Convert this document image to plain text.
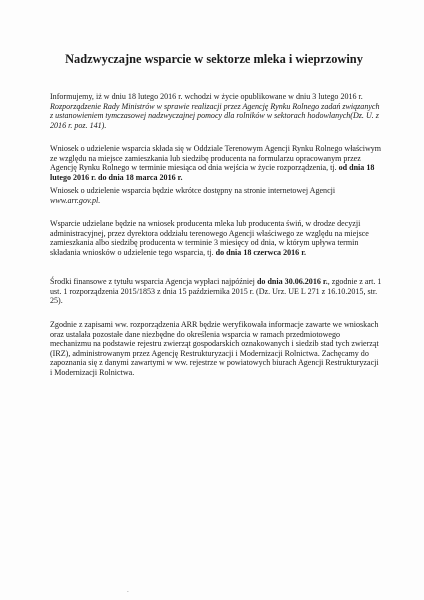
Nadzwyczajne wsparcie w sektorze mleka i wieprzowiny

Informujemy, iż w dniu 18 lutego 2016 r. wchodzi w życie opublikowane w dniu 3 lutego 2016 r. Rozporządzenie Rady Ministrów w sprawie realizacji przez Agencję Rynku Rolnego zadań związanych z ustanowieniem tymczasowej nadzwyczajnej pomocy dla rolników w sektorach hodowlanych(Dz. U. z 2016 r. poz. 141).

Wniosek o udzielenie wsparcia składa się w Oddziale Terenowym Agencji Rynku Rolnego właściwym ze względu na miejsce zamieszkania lub siedzibę producenta na formularzu opracowanym przez Agencję Rynku Rolnego w terminie miesiąca od dnia wejścia w życie rozporządzenia, tj. od dnia 18 lutego 2016 r. do dnia 18 marca 2016 r.

Wniosek o udzielenie wsparcia będzie wkrótce dostępny na stronie internetowej Agencji www.arr.gov.pl.

Wsparcie udzielane będzie na wniosek producenta mleka lub producenta świń, w drodze decyzji administracyjnej, przez dyrektora oddziału terenowego Agencji właściwego ze względu na miejsce zamieszkania albo siedzibę producenta w terminie 3 miesięcy od dnia, w którym upływa termin składania wniosków o udzielenie tego wsparcia, tj. do dnia 18 czerwca 2016 r.

Środki finansowe z tytułu wsparcia Agencja wypłaci najpóźniej do dnia 30.06.2016 r., zgodnie z art. 1 ust. 1 rozporządzenia 2015/1853 z dnia 15 października 2015 r. (Dz. Urz. UE L 271 z 16.10.2015, str. 25).

Zgodnie z zapisami ww. rozporządzenia ARR będzie weryfikowała informacje zawarte we wnioskach oraz ustalała pozostałe dane niezbędne do określenia wsparcia w ramach przedmiotowego mechanizmu na podstawie rejestru zwierząt gospodarskich oznakowanych i siedzib stad tych zwierząt (IRZ), administrowanym przez Agencję Restrukturyzacji i Modernizacji Rolnictwa. Zachęcamy do zapoznania się z danymi zawartymi w ww. rejestrze w powiatowych biurach Agencji Restrukturyzacji i Modernizacji Rolnictwa.

˜
